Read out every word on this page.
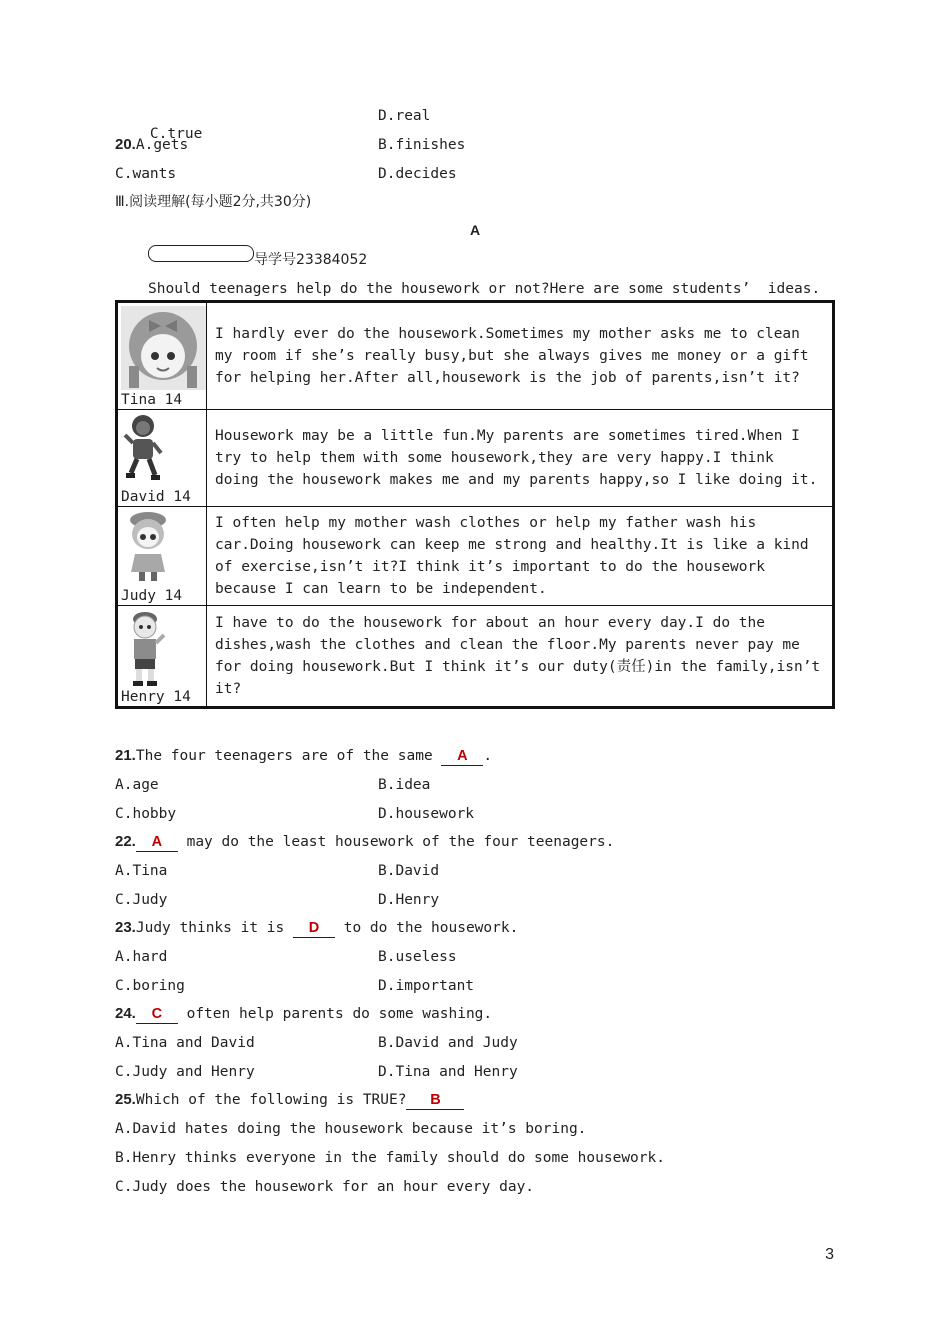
C.true

D.real

20.A.gets	B.finishes
C.wants	D.decides
Ⅲ.阅读理解(每小题2分,共30分)
A
导学号23384052
Should teenagers help do the housework or not?Here are some students’  ideas.
Tina 14	I hardly ever do the housework.Sometimes my mother asks me to clean my room if she’s really busy,but she always gives me money or a gift for helping her.After all,housework is the job of parents,isn’t it?

David 14	Housework may be a little fun.My parents are sometimes tired.When I try to help them with some housework,they are very happy.I think doing the housework makes me and my parents happy,so I like doing it.

Judy 14	I often help my mother wash clothes or help my father wash his car.Doing housework can keep me strong and healthy.It is like a kind of exercise,isn’t it?I think it’s important to do the housework because I can learn to be independent.

Henry 14	I have to do the housework for about an hour every day.I do the dishes,wash the clothes and clean the floor.My parents never pay me for doing housework.But I think it’s our duty(责任)in the family,isn’t it?
21.The four teenagers are of the same A .
A.age	B.idea
C.hobby	D.housework
22. A may do the least housework of the four teenagers.
A.Tina	B.David
C.Judy	D.Henry
23.Judy thinks it is D to do the housework.
A.hard	B.useless
C.boring	D.important
24. C often help parents do some washing.
A.Tina and David	B.David and Judy
C.Judy and Henry	D.Tina and Henry
25.Which of the following is TRUE? B
A.David hates doing the housework because it’s boring.
B.Henry thinks everyone in the family should do some housework.
C.Judy does the housework for an hour every day.
3
